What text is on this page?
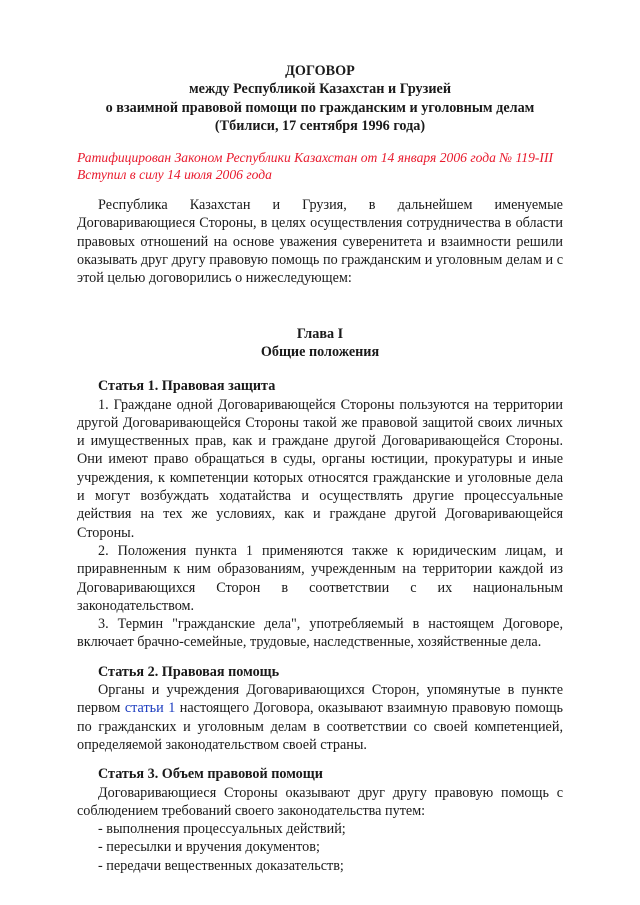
ДОГОВОР
между Республикой Казахстан и Грузией
о взаимной правовой помощи по гражданским и уголовным делам
(Тбилиси, 17 сентября 1996 года)
Ратифицирован Законом Республики Казахстан от 14 января 2006 года № 119-III
Вступил в силу 14 июля 2006 года

Республика Казахстан и Грузия, в дальнейшем именуемые Договаривающиеся Стороны, в целях осуществления сотрудничества в области правовых отношений на основе уважения суверенитета и взаимности решили оказывать друг другу правовую помощь по гражданским и уголовным делам и с этой целью договорились о нижеследующем:

Глава I
Общие положения
Статья 1. Правовая защита

1. Граждане одной Договаривающейся Стороны пользуются на территории другой Договаривающейся Стороны такой же правовой защитой своих личных и имущественных прав, как и граждане другой Договаривающейся Стороны. Они имеют право обращаться в суды, органы юстиции, прокуратуры и иные учреждения, к компетенции которых относятся гражданские и уголовные дела и могут возбуждать ходатайства и осуществлять другие процессуальные действия на тех же условиях, как и граждане другой Договаривающейся Стороны.

2. Положения пункта 1 применяются также к юридическим лицам, и приравненным к ним образованиям, учрежденным на территории каждой из Договаривающихся Сторон в соответствии с их национальным законодательством.

3. Термин "гражданские дела", употребляемый в настоящем Договоре, включает брачно-семейные, трудовые, наследственные, хозяйственные дела.

Статья 2. Правовая помощь

Органы и учреждения Договаривающихся Сторон, упомянутые в пункте первом статьи 1 настоящего Договора, оказывают взаимную правовую помощь по гражданских и уголовным делам в соответствии со своей компетенцией, определяемой законодательством своей страны.

Статья 3. Объем правовой помощи

Договаривающиеся Стороны оказывают друг другу правовую помощь с соблюдением требований своего законодательства путем:

- выполнения процессуальных действий;
- пересылки и вручения документов;
- передачи вещественных доказательств;
